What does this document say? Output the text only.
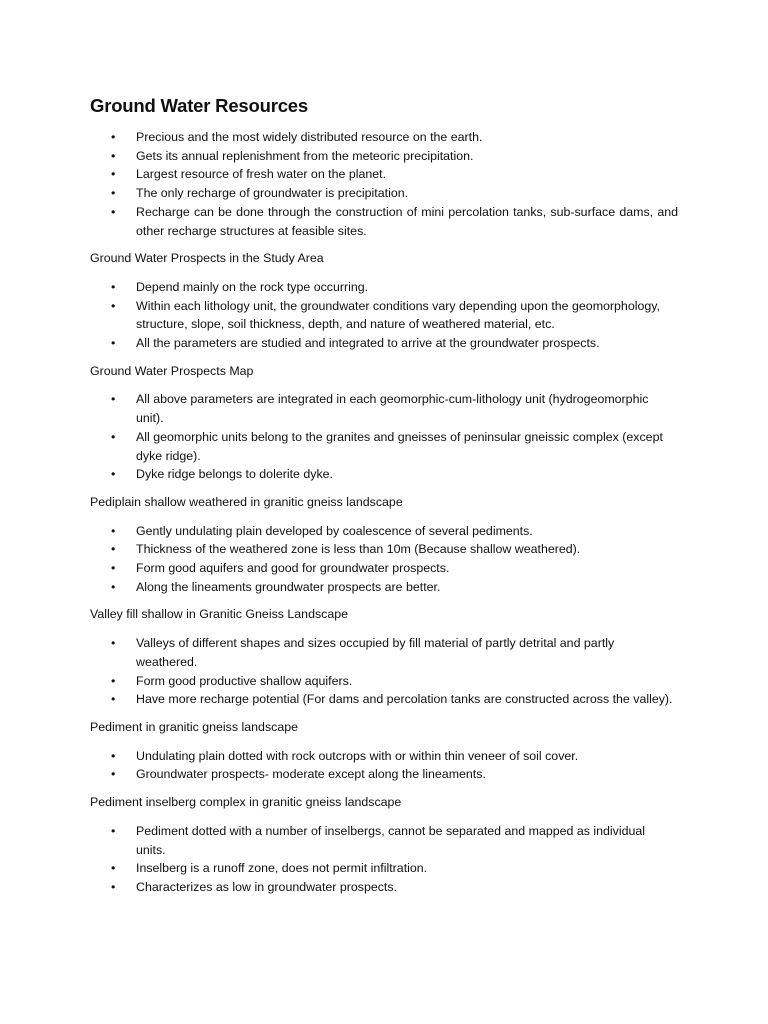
Ground Water Resources
• Precious and the most widely distributed resource on the earth.
• Gets its annual replenishment from the meteoric precipitation.
• Largest resource of fresh water on the planet.
• The only recharge of groundwater is precipitation.
• Recharge can be done through the construction of mini percolation tanks, sub-surface dams, and other recharge structures at feasible sites.

Ground Water Prospects in the Study Area

• Depend mainly on the rock type occurring.
• Within each lithology unit, the groundwater conditions vary depending upon the geomorphology, structure, slope, soil thickness, depth, and nature of weathered material, etc.
• All the parameters are studied and integrated to arrive at the groundwater prospects.

Ground Water Prospects Map

• All above parameters are integrated in each geomorphic-cum-lithology unit (hydrogeomorphic unit).
• All geomorphic units belong to the granites and gneisses of peninsular gneissic complex (except dyke ridge).
• Dyke ridge belongs to dolerite dyke.

Pediplain shallow weathered in granitic gneiss landscape

• Gently undulating plain developed by coalescence of several pediments.
• Thickness of the weathered zone is less than 10m (Because shallow weathered).
• Form good aquifers and good for groundwater prospects.
• Along the lineaments groundwater prospects are better.

Valley fill shallow in Granitic Gneiss Landscape

• Valleys of different shapes and sizes occupied by fill material of partly detrital and partly weathered.
• Form good productive shallow aquifers.
• Have more recharge potential (For dams and percolation tanks are constructed across the valley).

Pediment in granitic gneiss landscape

• Undulating plain dotted with rock outcrops with or within thin veneer of soil cover.
• Groundwater prospects- moderate except along the lineaments.

Pediment inselberg complex in granitic gneiss landscape

• Pediment dotted with a number of inselbergs, cannot be separated and mapped as individual units.
• Inselberg is a runoff zone, does not permit infiltration.
• Characterizes as low in groundwater prospects.
